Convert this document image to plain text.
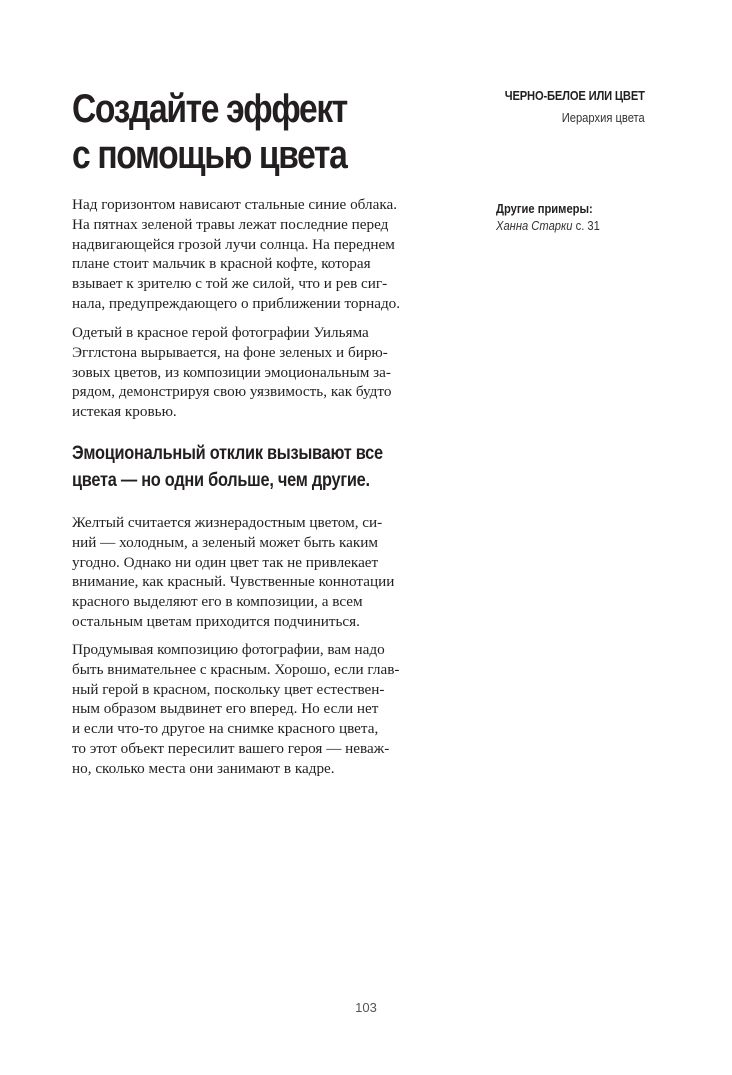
Создайте эффект
с помощью цвета
ЧЕРНО-БЕЛОЕ ИЛИ ЦВЕТ
Иерархия цвета

Над горизонтом нависают стальные синие облака.
На пятнах зеленой травы лежат последние перед
надвигающейся грозой лучи солнца. На переднем
плане стоит мальчик в красной кофте, которая
взывает к зрителю с той же силой, что и рев сиг-
нала, предупреждающего о приближении торнадо.

Другие примеры:
Ханна Старки с. 31

Одетый в красное герой фотографии Уильяма
Эгглстона вырывается, на фоне зеленых и бирю-
зовых цветов, из композиции эмоциональным за-
рядом, демонстрируя свою уязвимость, как будто
истекая кровью.

Эмоциональный отклик вызывают все
цвета — но одни больше, чем другие.

Желтый считается жизнерадостным цветом, си-
ний — холодным, а зеленый может быть каким
угодно. Однако ни один цвет так не привлекает
внимание, как красный. Чувственные коннотации
красного выделяют его в композиции, а всем
остальным цветам приходится подчиниться.

Продумывая композицию фотографии, вам надо
быть внимательнее с красным. Хорошо, если глав-
ный герой в красном, поскольку цвет естествен-
ным образом выдвинет его вперед. Но если нет
и если что-то другое на снимке красного цвета,
то этот объект пересилит вашего героя — неваж-
но, сколько места они занимают в кадре.

103
